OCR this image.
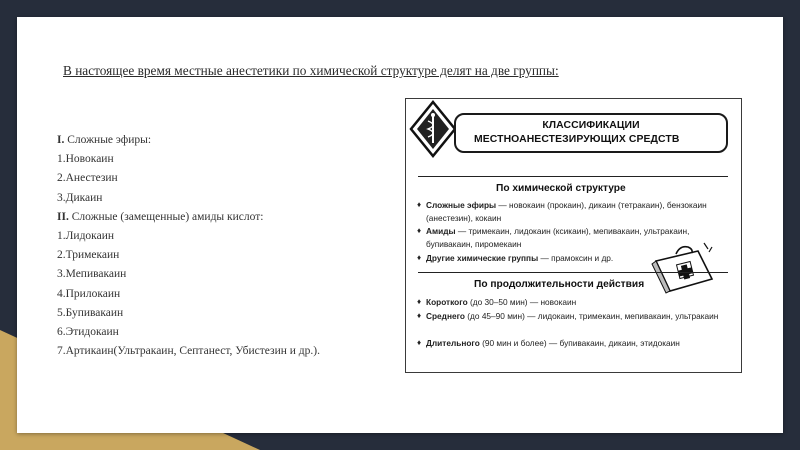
В настоящее время местные анестетики по химической структуре делят на две группы:

I. Сложные эфиры:
1.Новокаин
2.Анестезин
3.Дикаин
II. Сложные (замещенные) амиды кислот:
1.Лидокаин
2.Тримекаин
3.Мепивакаин
4.Прилокаин
5.Бупивакаин
6.Этидокаин
7.Артикаин(Ультракаин, Септанест, Убистезин и др.).
КЛАССИФИКАЦИИ
МЕСТНОАНЕСТЕЗИРУЮЩИХ СРЕДСТВ
По химической структуре
♦ Сложные эфиры — новокаин (прокаин), дикаин (тетракаин), бензокаин (анестезин), кокаин
♦ Амиды — тримекаин, лидокаин (ксикаин), мепивакаин, ультракаин, бупивакаин, пиромекаин
♦ Другие химические группы — прамоксин и др.
По продолжительности действия
♦ Короткого (до 30–50 мин) — новокаин
♦ Среднего (до 45–90 мин) — лидокаин, тримекаин, мепивакаин, ультракаин
♦ Длительного (90 мин и более) — бупивакаин, дикаин, этидокаин
